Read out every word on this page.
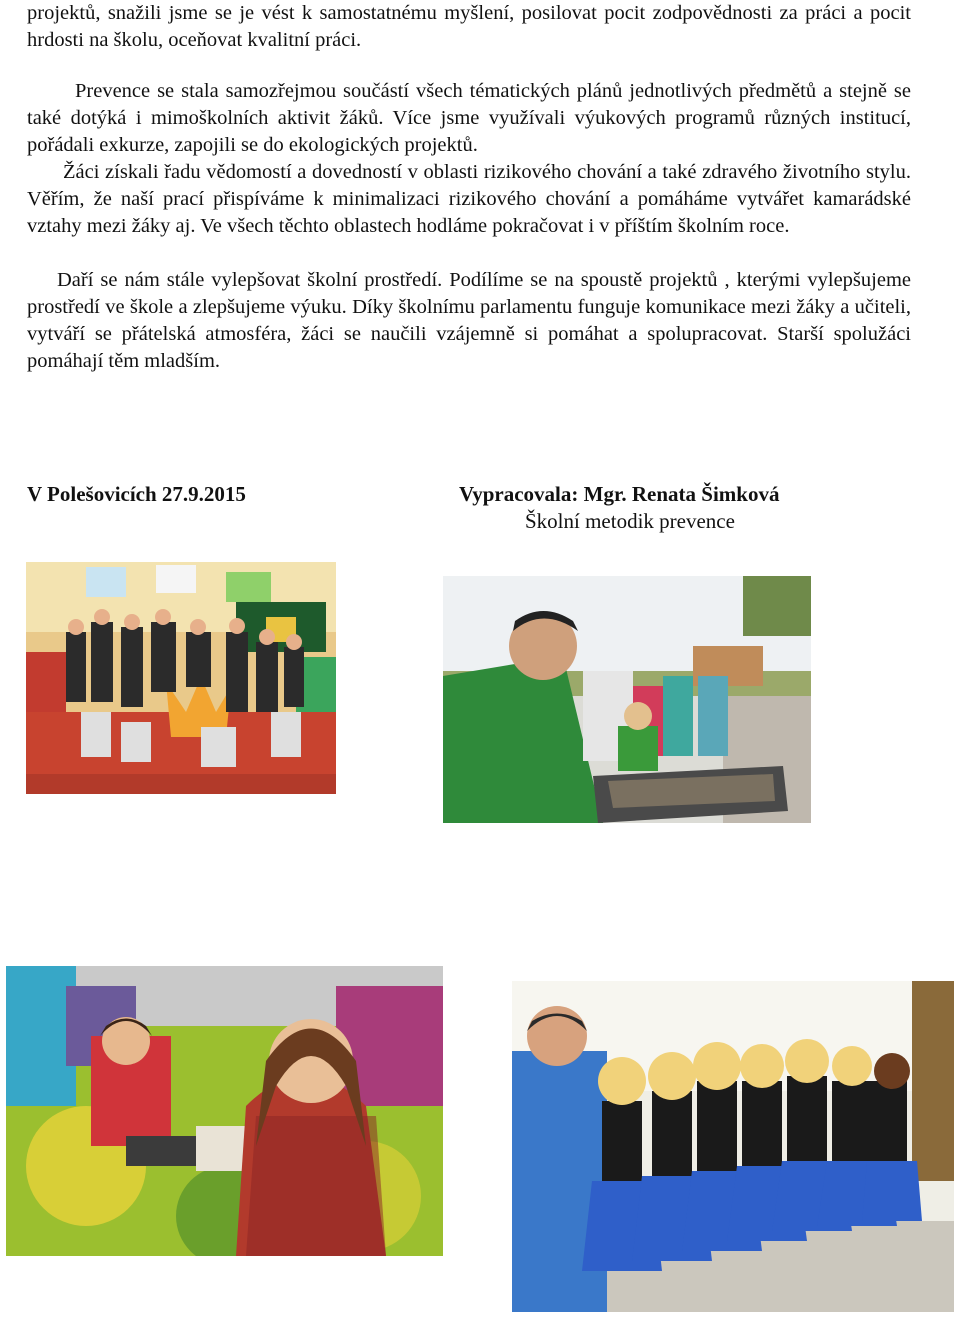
projektů, snažili jsme se je vést k samostatnému myšlení, posilovat pocit zodpovědnosti za práci a pocit hrdosti na školu, oceňovat kvalitní práci.

Prevence se stala samozřejmou součástí všech tématických plánů jednotlivých předmětů a stejně se také dotýká i mimoškolních aktivit žáků. Více jsme využívali výukových programů různých institucí, pořádali exkurze, zapojili se do ekologických projektů.

Žáci získali řadu vědomostí a dovedností v oblasti rizikového chování a také zdravého životního stylu. Věřím, že naší prací přispíváme k minimalizaci rizikového chování a pomáháme vytvářet kamarádské vztahy mezi žáky aj. Ve všech těchto oblastech hodláme pokračovat i v příštím školním roce.

Daří se nám stále vylepšovat školní prostředí. Podílíme se na spoustě projektů , kterými vylepšujeme prostředí ve škole a zlepšujeme výuku. Díky školnímu parlamentu funguje komunikace mezi žáky a učiteli, vytváří se přátelská atmosféra, žáci se naučili vzájemně si pomáhat a spolupracovat. Starší spolužáci pomáhají těm mladším.

V Polešovicích 27.9.2015	Vypracovala: Mgr. Renata Šimková
Školní metodik prevence
